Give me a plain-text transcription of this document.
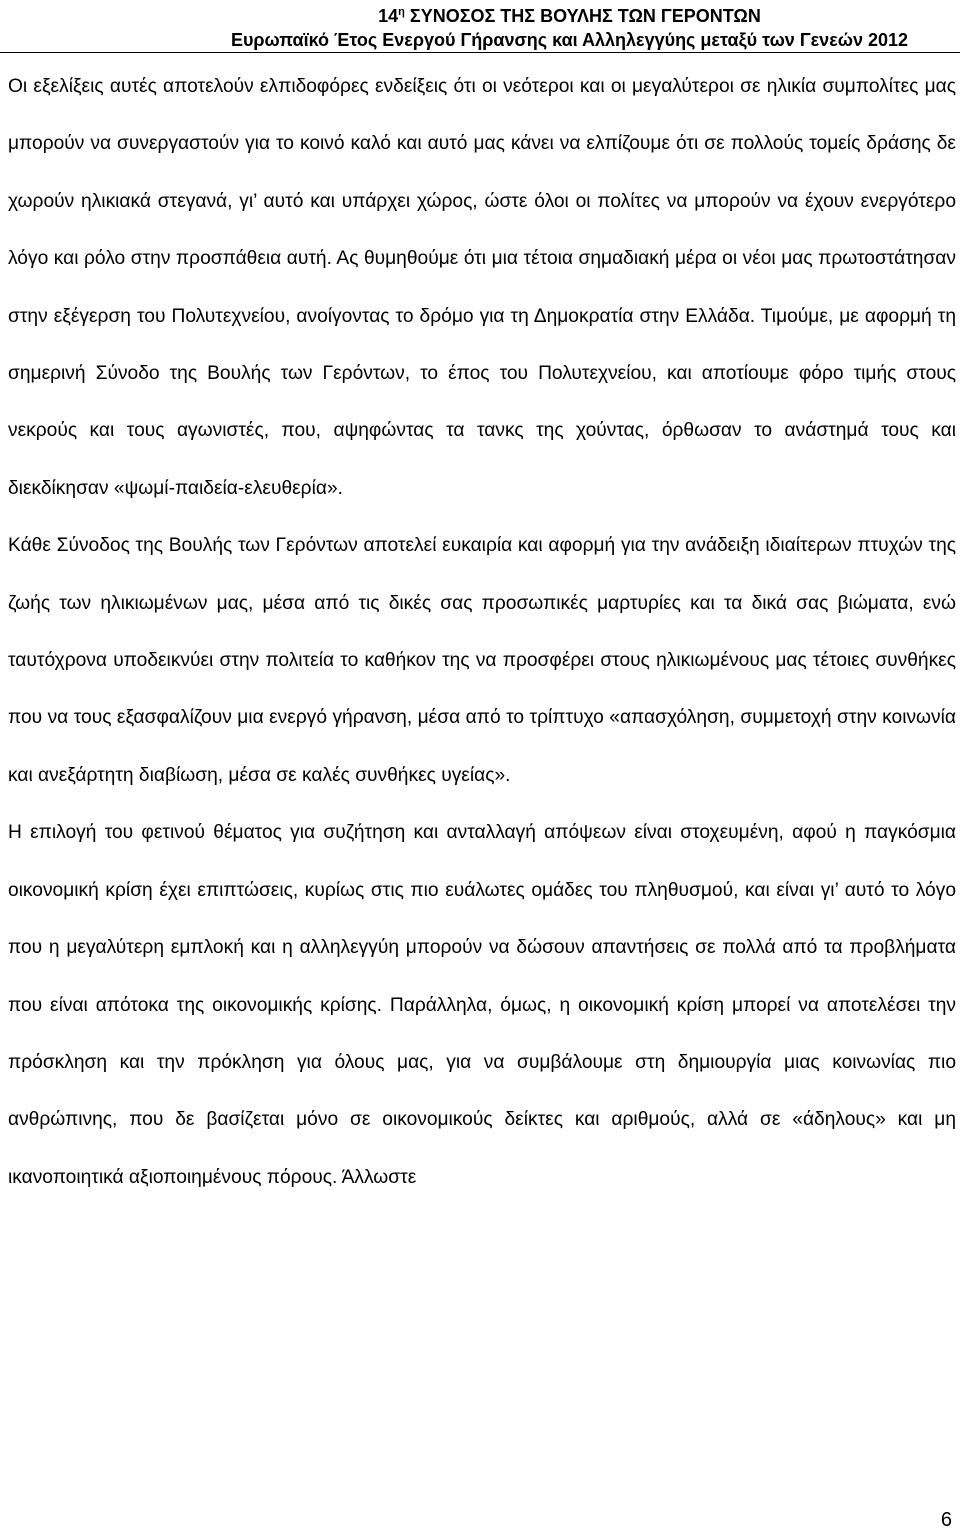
$14^\eta$ ΣΥΝΟΣΟΣ ΤΗΣ ΒΟΥΛΗΣ ΤΩΝ ΓΕΡΟΝΤΩΝ
Ευρωπαϊκό Έτος Ενεργού Γήρανσης και Αλληλεγγύης μεταξύ των Γενεών 2012

Οι εξελίξεις αυτές αποτελούν ελπιδοφόρες ενδείξεις ότι οι νεότεροι και οι μεγαλύτεροι σε ηλικία συμπολίτες μας μπορούν να συνεργαστούν για το κοινό καλό και αυτό μας κάνει να ελπίζουμε ότι σε πολλούς τομείς δράσης δε χωρούν ηλικιακά στεγανά, γι’ αυτό και υπάρχει χώρος, ώστε όλοι οι πολίτες να μπορούν να έχουν ενεργότερο λόγο και ρόλο στην προσπάθεια αυτή. Ας θυμηθούμε ότι μια τέτοια σημαδιακή μέρα οι νέοι μας πρωτοστάτησαν στην εξέγερση του Πολυτεχνείου, ανοίγοντας το δρόμο για τη Δημοκρατία στην Ελλάδα. Τιμούμε, με αφορμή τη σημερινή Σύνοδο της Βουλής των Γερόντων, το έπος του Πολυτεχνείου, και αποτίουμε φόρο τιμής στους νεκρούς και τους αγωνιστές, που, αψηφώντας τα τανκς της χούντας, όρθωσαν το ανάστημά τους και διεκδίκησαν «ψωμί-παιδεία-ελευθερία».

Κάθε Σύνοδος της Βουλής των Γερόντων αποτελεί ευκαιρία και αφορμή για την ανάδειξη ιδιαίτερων πτυχών της ζωής των ηλικιωμένων μας, μέσα από τις δικές σας προσωπικές μαρτυρίες και τα δικά σας βιώματα, ενώ ταυτόχρονα υποδεικνύει στην πολιτεία το καθήκον της να προσφέρει στους ηλικιωμένους μας τέτοιες συνθήκες που να τους εξασφαλίζουν μια ενεργό γήρανση, μέσα από το τρίπτυχο «απασχόληση, συμμετοχή στην κοινωνία και ανεξάρτητη διαβίωση, μέσα σε καλές συνθήκες υγείας».

Η επιλογή του φετινού θέματος για συζήτηση και ανταλλαγή απόψεων είναι στοχευμένη, αφού η παγκόσμια οικονομική κρίση έχει επιπτώσεις, κυρίως στις πιο ευάλωτες ομάδες του πληθυσμού, και είναι γι’ αυτό το λόγο που η μεγαλύτερη εμπλοκή και η αλληλεγγύη μπορούν να δώσουν απαντήσεις σε πολλά από τα προβλήματα που είναι απότοκα της οικονομικής κρίσης. Παράλληλα, όμως, η οικονομική κρίση μπορεί να αποτελέσει την πρόσκληση και την πρόκληση για όλους μας, για να συμβάλουμε στη δημιουργία μιας κοινωνίας πιο ανθρώπινης, που δε βασίζεται μόνο σε οικονομικούς δείκτες και αριθμούς, αλλά σε «άδηλους» και μη ικανοποιητικά αξιοποιημένους πόρους. Άλλωστε

6
